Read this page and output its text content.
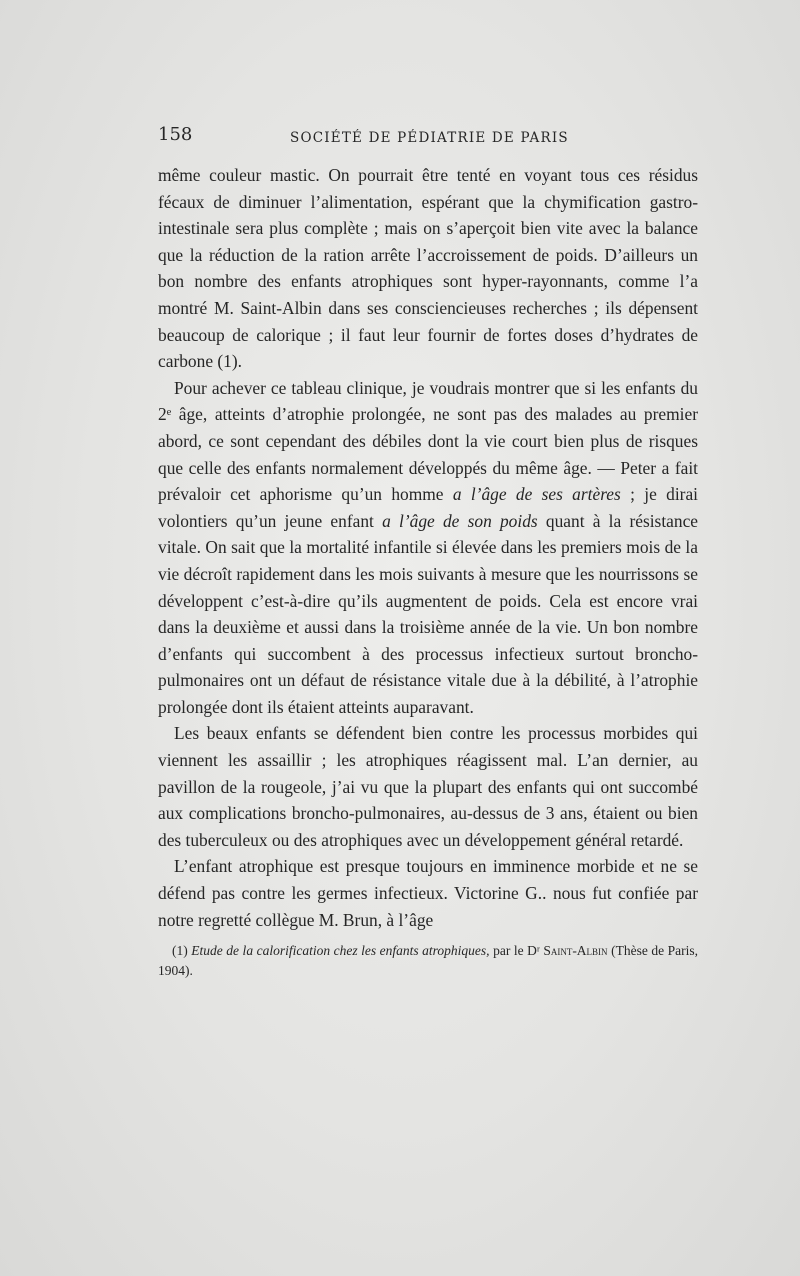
158	SOCIÉTÉ DE PÉDIATRIE DE PARIS

même couleur mastic. On pourrait être tenté en voyant tous ces résidus fécaux de diminuer l’alimentation, espérant que la chymification gastro-intestinale sera plus complète ; mais on s’aperçoit bien vite avec la balance que la réduction de la ration arrête l’accroissement de poids. D’ailleurs un bon nombre des enfants atrophiques sont hyper-rayonnants, comme l’a montré M. Saint-Albin dans ses consciencieuses recherches ; ils dépensent beaucoup de calorique ; il faut leur fournir de fortes doses d’hydrates de carbone (1).

Pour achever ce tableau clinique, je voudrais montrer que si les enfants du 2ᵉ âge, atteints d’atrophie prolongée, ne sont pas des malades au premier abord, ce sont cependant des débiles dont la vie court bien plus de risques que celle des enfants normalement développés du même âge. — Peter a fait prévaloir cet aphorisme qu’un homme a l’âge de ses artères ; je dirai volontiers qu’un jeune enfant a l’âge de son poids quant à la résistance vitale. On sait que la mortalité infantile si élevée dans les premiers mois de la vie décroît rapidement dans les mois suivants à mesure que les nourrissons se développent c’est-à-dire qu’ils augmentent de poids. Cela est encore vrai dans la deuxième et aussi dans la troisième année de la vie. Un bon nombre d’enfants qui succombent à des processus infectieux surtout broncho-pulmonaires ont un défaut de résistance vitale due à la débilité, à l’atrophie prolongée dont ils étaient atteints auparavant.

Les beaux enfants se défendent bien contre les processus morbides qui viennent les assaillir ; les atrophiques réagissent mal. L’an dernier, au pavillon de la rougeole, j’ai vu que la plupart des enfants qui ont succombé aux complications broncho-pulmonaires, au-dessus de 3 ans, étaient ou bien des tuberculeux ou des atrophiques avec un développement général retardé.

L’enfant atrophique est presque toujours en imminence morbide et ne se défend pas contre les germes infectieux. Victorine G.. nous fut confiée par notre regretté collègue M. Brun, à l’âge

(1) Etude de la calorification chez les enfants atrophiques, par le Dʳ Saint-Albin (Thèse de Paris, 1904).
